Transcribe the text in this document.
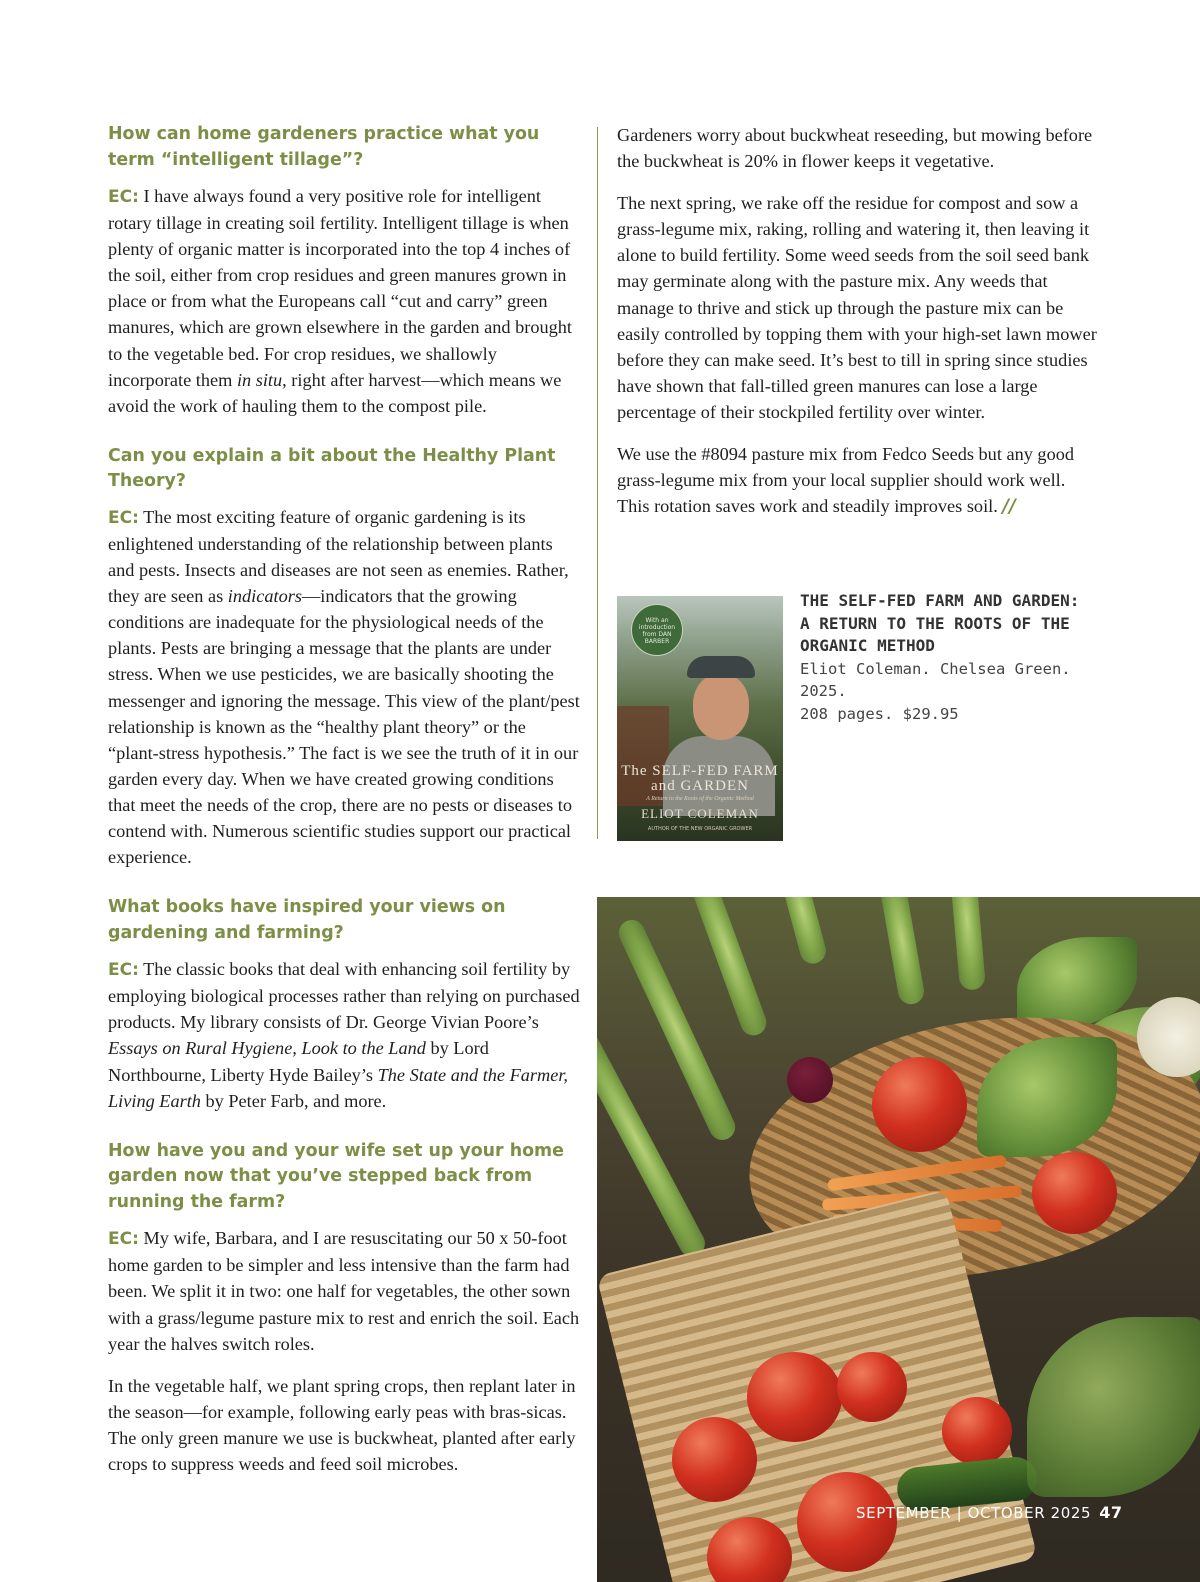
How can home gardeners practice what you term “intelligent tillage”?

EC: I have always found a very positive role for intelligent rotary tillage in creating soil fertility. Intelligent tillage is when plenty of organic matter is incorporated into the top 4 inches of the soil, either from crop residues and green manures grown in place or from what the Europeans call “cut and carry” green manures, which are grown elsewhere in the garden and brought to the vegetable bed. For crop residues, we shallowly incorporate them in situ, right after harvest—which means we avoid the work of hauling them to the compost pile.

Can you explain a bit about the Healthy Plant Theory?

EC: The most exciting feature of organic gardening is its enlightened understanding of the relationship between plants and pests. Insects and diseases are not seen as enemies. Rather, they are seen as indicators—indicators that the growing conditions are inadequate for the physiological needs of the plants. Pests are bringing a message that the plants are under stress. When we use pesticides, we are basically shooting the messenger and ignoring the message. This view of the plant/pest relationship is known as the “healthy plant theory” or the “plant-stress hypothesis.” The fact is we see the truth of it in our garden every day. When we have created growing conditions that meet the needs of the crop, there are no pests or diseases to contend with. Numerous scientific studies support our practical experience.

What books have inspired your views on gardening and farming?

EC: The classic books that deal with enhancing soil fertility by employing biological processes rather than relying on purchased products. My library consists of Dr. George Vivian Poore’s Essays on Rural Hygiene, Look to the Land by Lord Northbourne, Liberty Hyde Bailey’s The State and the Farmer, Living Earth by Peter Farb, and more.

How have you and your wife set up your home garden now that you’ve stepped back from running the farm?

EC: My wife, Barbara, and I are resuscitating our 50 x 50-foot home garden to be simpler and less intensive than the farm had been. We split it in two: one half for vegetables, the other sown with a grass/legume pasture mix to rest and enrich the soil. Each year the halves switch roles.

In the vegetable half, we plant spring crops, then replant later in the season—for example, following early peas with bras-sicas. The only green manure we use is buckwheat, planted after early crops to suppress weeds and feed soil microbes.

Gardeners worry about buckwheat reseeding, but mowing before the buckwheat is 20% in flower keeps it vegetative.

The next spring, we rake off the residue for compost and sow a grass-legume mix, raking, rolling and watering it, then leaving it alone to build fertility. Some weed seeds from the soil seed bank may germinate along with the pasture mix. Any weeds that manage to thrive and stick up through the pasture mix can be easily controlled by topping them with your high-set lawn mower before they can make seed. It’s best to till in spring since studies have shown that fall-tilled green manures can lose a large percentage of their stockpiled fertility over winter.

We use the #8094 pasture mix from Fedco Seeds but any good grass-legume mix from your local supplier should work well. This rotation saves work and steadily improves soil. //

With an introduction from DAN BARBER
The SELF-FED FARM and GARDEN
A Return to the Roots of the Organic Method
ELIOT COLEMAN
AUTHOR OF THE NEW ORGANIC GROWER

THE SELF-FED FARM AND GARDEN:

A RETURN TO THE ROOTS OF THE

ORGANIC METHOD

Eliot Coleman. Chelsea Green. 2025.

208 pages. $29.95

SEPTEMBER | OCTOBER 2025 47
